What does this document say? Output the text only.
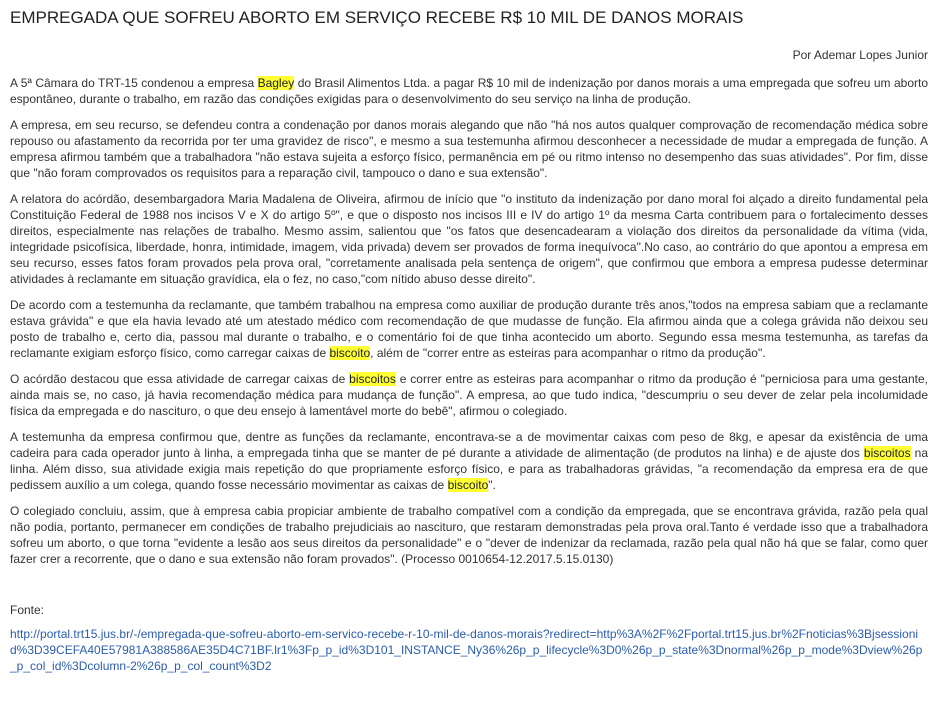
EMPREGADA QUE SOFREU ABORTO EM SERVIÇO RECEBE R$ 10 MIL DE DANOS MORAIS
Por Ademar Lopes Junior

A 5ª Câmara do TRT-15 condenou a empresa Bagley do Brasil Alimentos Ltda. a pagar R$ 10 mil de indenização por danos morais a uma empregada que sofreu um aborto espontâneo, durante o trabalho, em razão das condições exigidas para o desenvolvimento do seu serviço na linha de produção.

A empresa, em seu recurso, se defendeu contra a condenação por danos morais alegando que não "há nos autos qualquer comprovação de recomendação médica sobre repouso ou afastamento da recorrida por ter uma gravidez de risco", e mesmo a sua testemunha afirmou desconhecer a necessidade de mudar a empregada de função. A empresa afirmou também que a trabalhadora "não estava sujeita a esforço físico, permanência em pé ou ritmo intenso no desempenho das suas atividades". Por fim, disse que "não foram comprovados os requisitos para a reparação civil, tampouco o dano e sua extensão".

A relatora do acórdão, desembargadora Maria Madalena de Oliveira, afirmou de início que "o instituto da indenização por dano moral foi alçado a direito fundamental pela Constituição Federal de 1988 nos incisos V e X do artigo 5º", e que o disposto nos incisos III e IV do artigo 1º da mesma Carta contribuem para o fortalecimento desses direitos, especialmente nas relações de trabalho. Mesmo assim, salientou que "os fatos que desencadearam a violação dos direitos da personalidade da vítima (vida, integridade psicofísica, liberdade, honra, intimidade, imagem, vida privada) devem ser provados de forma inequívoca".No caso, ao contrário do que apontou a empresa em seu recurso, esses fatos foram provados pela prova oral, "corretamente analisada pela sentença de origem", que confirmou que embora a empresa pudesse determinar atividades à reclamante em situação gravídica, ela o fez, no caso,"com nítido abuso desse direito".

De acordo com a testemunha da reclamante, que também trabalhou na empresa como auxiliar de produção durante três anos,"todos na empresa sabiam que a reclamante estava grávida" e que ela havia levado até um atestado médico com recomendação de que mudasse de função. Ela afirmou ainda que a colega grávida não deixou seu posto de trabalho e, certo dia, passou mal durante o trabalho, e o comentário foi de que tinha acontecido um aborto. Segundo essa mesma testemunha, as tarefas da reclamante exigiam esforço físico, como carregar caixas de biscoito, além de "correr entre as esteiras para acompanhar o ritmo da produção".

O acórdão destacou que essa atividade de carregar caixas de biscoitos e correr entre as esteiras para acompanhar o ritmo da produção é "perniciosa para uma gestante, ainda mais se, no caso, já havia recomendação médica para mudança de função". A empresa, ao que tudo indica, "descumpriu o seu dever de zelar pela incolumidade física da empregada e do nascituro, o que deu ensejo à lamentável morte do bebê", afirmou o colegiado.

A testemunha da empresa confirmou que, dentre as funções da reclamante, encontrava-se a de movimentar caixas com peso de 8kg, e apesar da existência de uma cadeira para cada operador junto à linha, a empregada tinha que se manter de pé durante a atividade de alimentação (de produtos na linha) e de ajuste dos biscoitos na linha. Além disso, sua atividade exigia mais repetição do que propriamente esforço físico, e para as trabalhadoras grávidas, "a recomendação da empresa era de que pedissem auxílio a um colega, quando fosse necessário movimentar as caixas de biscoito".

O colegiado concluiu, assim, que à empresa cabia propiciar ambiente de trabalho compatível com a condição da empregada, que se encontrava grávida, razão pela qual não podia, portanto, permanecer em condições de trabalho prejudiciais ao nascituro, que restaram demonstradas pela prova oral.Tanto é verdade isso que a trabalhadora sofreu um aborto, o que torna "evidente a lesão aos seus direitos da personalidade" e o "dever de indenizar da reclamada, razão pela qual não há que se falar, como quer fazer crer a recorrente, que o dano e sua extensão não foram provados". (Processo 0010654-12.2017.5.15.0130)

Fonte:
http://portal.trt15.jus.br/-/empregada-que-sofreu-aborto-em-servico-recebe-r-10-mil-de-danos-morais?redirect=http%3A%2F%2Fportal.trt15.jus.br%2Fnoticias%3Bjsessionid%3D39CEFA40E57981A388586AE35D4C71BF.lr1%3Fp_p_id%3D101_INSTANCE_Ny36%26p_p_lifecycle%3D0%26p_p_state%3Dnormal%26p_p_mode%3Dview%26p_p_col_id%3Dcolumn-2%26p_p_col_count%3D2
